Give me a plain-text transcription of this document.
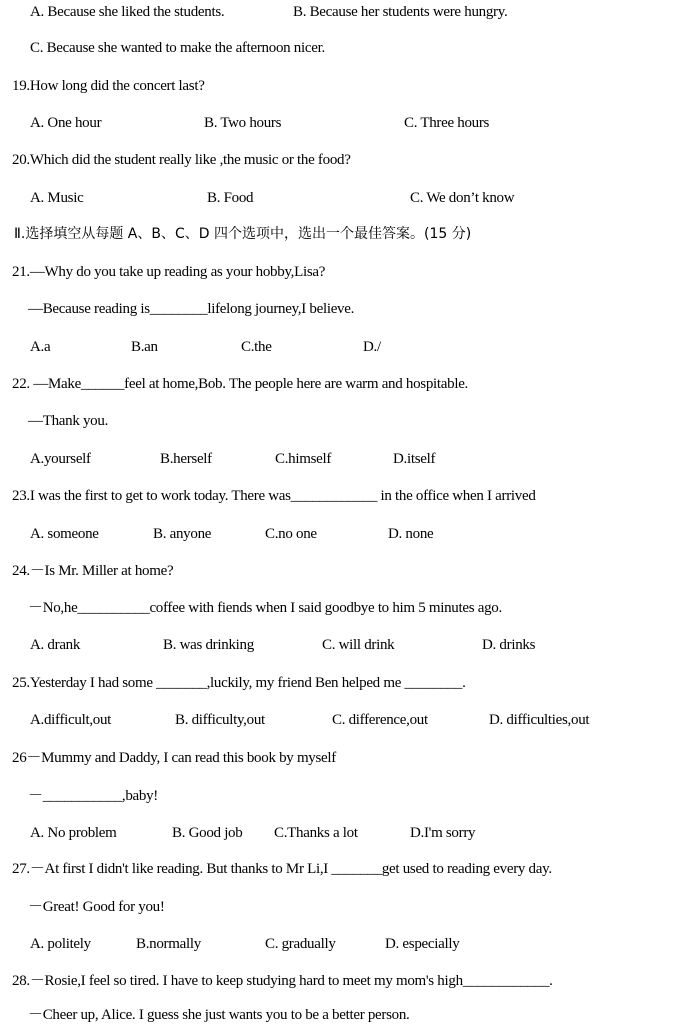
A. Because she liked the students.	B. Because her students were hungry.
C. Because she wanted to make the afternoon nicer.
19.How long did the concert last?
A. One hour	B. Two hours	C. Three hours
20.Which did the student really like ,the music or the food?
A. Music	B. Food	C. We don’t know
Ⅱ.选择填空从每题 A、B、C、D 四个选项中，选出一个最佳答案。(15 分)
21.—Why do you take up reading as your hobby,Lisa?
—Because reading is________lifelong journey,I believe.
A.a	B.an	C.the	D./
22. —Make______feel at home,Bob. The people here are warm and hospitable.
—Thank you.
A.yourself	B.herself	C.himself	D.itself
23.I was the first to get to work today. There was____________ in the office when I arrived
A. someone	B. anyone	C.no one	D. none
24.－Is Mr. Miller at home?
－No,he__________coffee with fiends when I said goodbye to him 5 minutes ago.
A. drank	B. was drinking	C. will drink	D. drinks
25.Yesterday I had some _______,luckily, my friend Ben helped me ________.
A.difficult,out	B. difficulty,out	C. difference,out	D. difficulties,out
26－Mummy and Daddy, I can read this book by myself
－___________,baby!
A. No problem	B. Good job C.Thanks a lot	D.I'm sorry
27.－At first I didn't like reading. But thanks to Mr Li,I _______get used to reading every day.
－Great! Good for you!
A. politely	B.normally	C. gradually	D. especially
28.－Rosie,I feel so tired. I have to keep studying hard to meet my mom's high____________.
－Cheer up, Alice. I guess she just wants you to be a better person.
